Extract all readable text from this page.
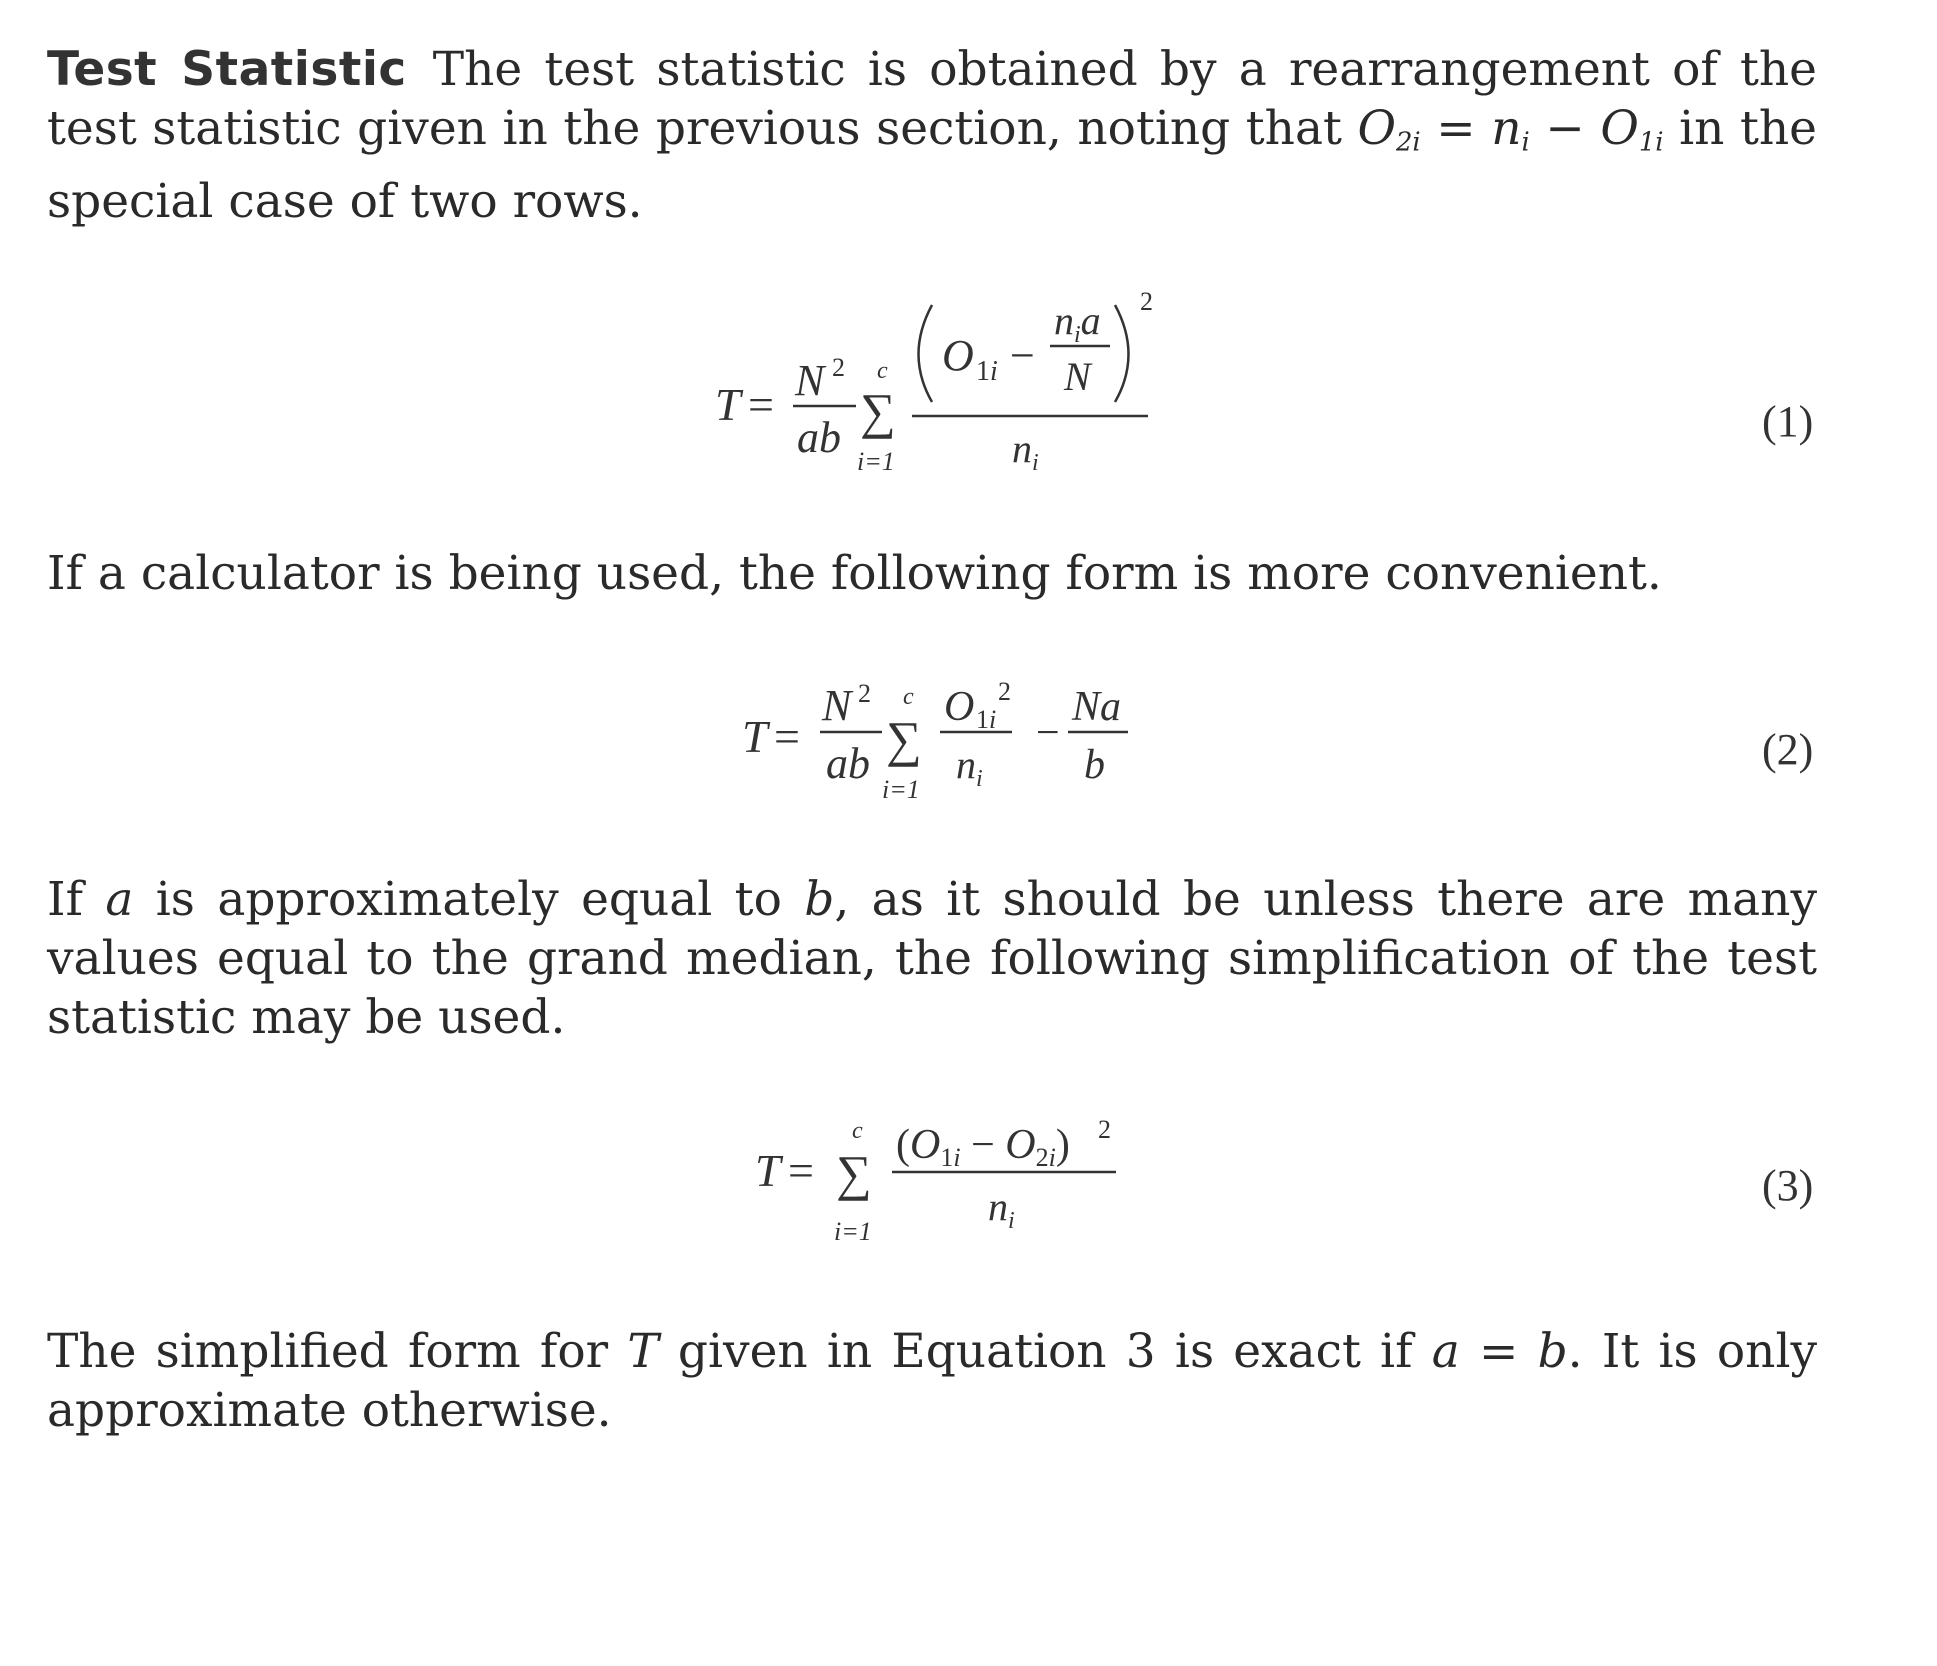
Test Statistic The test statistic is obtained by a rearrangement of the test statistic given in the previous section, noting that $O_{2i} = n_i - O_{1i}$ in the special case of two rows.

T = N 2
ab
c
∑
i=1
O 1i −
$n_ia$
N
2
$n_i$
(1)

If a calculator is being used, the following form is more convenient.

T =
N 2
ab
c
∑
i=1
O 1i
2
$n_i$
−
Na
b	(2)

If a is approximately equal to b, as it should be unless there are many values equal to the grand median, the following simplification of the test statistic may be used.

T =
c
∑
i=1
(O1i − O2i) 2
$n_i$
(3)

The simplified form for T given in Equation 3 is exact if a = b. It is only approximate otherwise.
